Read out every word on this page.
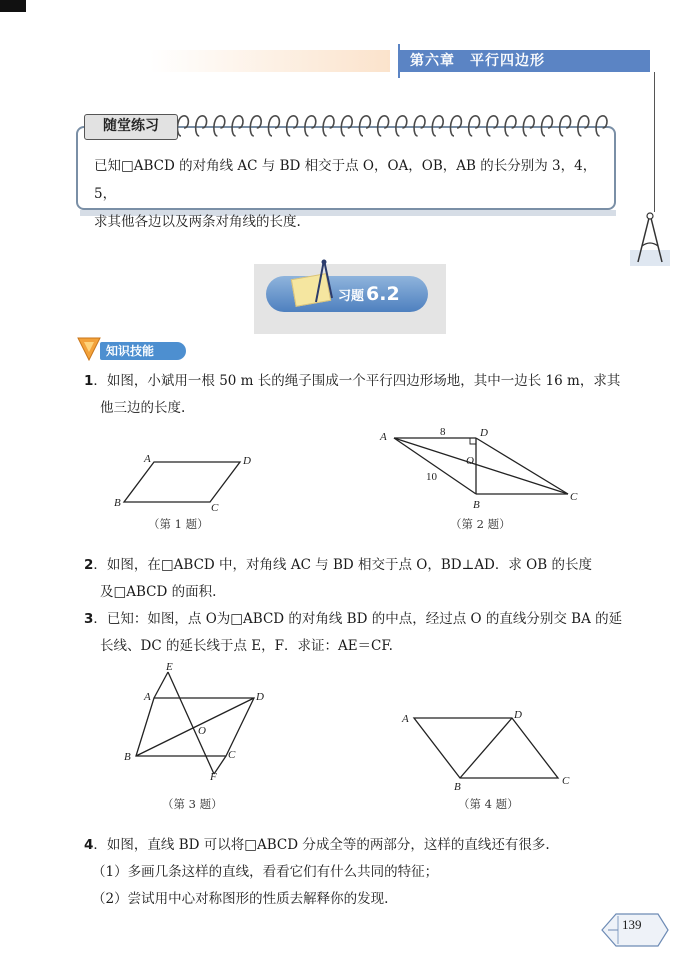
第六章　平行四边形
随堂练习
已知□ABCD 的对角线 AC 与 BD 相交于点 O，OA，OB，AB 的长分别为 3，4，5，
求其他各边以及两条对角线的长度.
习题 6.2
知识技能
1．如图，小斌用一根 50 m 长的绳子围成一个平行四边形场地，其中一边长 16 m，求其
他三边的长度.
A	D
B	C
（第 1 题）
A	D
O
B
C
8
10
（第 2 题）
2．如图，在□ABCD 中，对角线 AC 与 BD 相交于点 O，BD⊥AD．求 OB 的长度
及□ABCD 的面积.
3．已知：如图，点 O为□ABCD 的对角线 BD 的中点，经过点 O 的直线分别交 BA 的延
长线、DC 的延长线于点 E，F．求证：AE＝CF.
E
A	D
O
B	C
F
（第 3 题）
A	D
B	C
（第 4 题）
4．如图，直线 BD 可以将□ABCD 分成全等的两部分，这样的直线还有很多.
（1）多画几条这样的直线，看看它们有什么共同的特征；
（2）尝试用中心对称图形的性质去解释你的发现.
139
